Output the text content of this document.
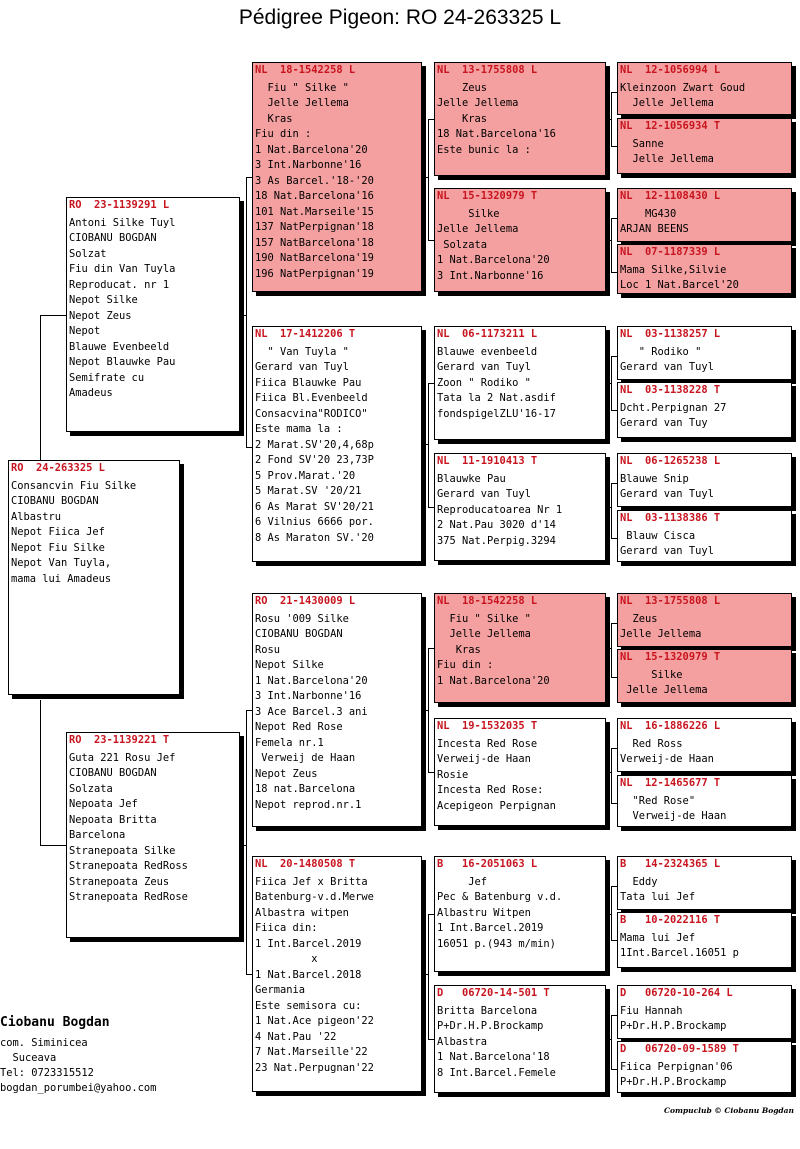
Pédigree Pigeon: RO 24-263325 L
RO  24-263325 L
Consancvin Fiu Silke
CIOBANU BOGDAN
Albastru
Nepot Fiica Jef
Nepot Fiu Silke
Nepot Van Tuyla,
mama lui Amadeus
RO  23-1139291 L
Antoni Silke Tuyl
CIOBANU BOGDAN
Solzat
Fiu din Van Tuyla
Reproducat. nr 1
Nepot Silke
Nepot Zeus
Nepot
Blauwe Evenbeeld
Nepot Blauwke Pau
Semifrate cu
Amadeus
RO  23-1139221 T
Guta 221 Rosu Jef
CIOBANU BOGDAN
Solzata
Nepoata Jef
Nepoata Britta
Barcelona
Stranepoata Silke
Stranepoata RedRoss
Stranepoata Zeus
Stranepoata RedRose
NL  18-1542258 L
Fiu " Silke "
Jelle Jellema
Kras
Fiu din :
1 Nat.Barcelona'20
3 Int.Narbonne'16
3 As Barcel.'18-'20
18 Nat.Barcelona'16
101 Nat.Marseile'15
137 NatPerpignan'18
157 NatBarcelona'18
190 NatBarcelona'19
196 NatPerpignan'19
NL  17-1412206 T
" Van Tuyla "
Gerard van Tuyl
Fiica Blauwke Pau
Fiica Bl.Evenbeeld
Consacvina"RODICO"
Este mama la :
2 Marat.SV'20,4,68p
2 Fond SV'20 23,73P
5 Prov.Marat.'20
5 Marat.SV '20/21
6 As Marat SV'20/21
6 Vilnius 6666 por.
8 As Maraton SV.'20
RO  21-1430009 L
Rosu '009 Silke
CIOBANU BOGDAN
Rosu
Nepot Silke
1 Nat.Barcelona'20
3 Int.Narbonne'16
3 Ace Barcel.3 ani
Nepot Red Rose
Femela nr.1
Verweij de Haan
Nepot Zeus
18 nat.Barcelona
Nepot reprod.nr.1
NL  20-1480508 T
Fiica Jef x Britta
Batenburg-v.d.Merwe
Albastra witpen
Fiica din:
1 Int.Barcel.2019
x
1 Nat.Barcel.2018
Germania
Este semisora cu:
1 Nat.Ace pigeon'22
4 Nat.Pau '22
7 Nat.Marseille'22
23 Nat.Perpugnan'22
NL  13-1755808 L
Zeus
Jelle Jellema
Kras
18 Nat.Barcelona'16
Este bunic la :
NL  15-1320979 T
Silke
Jelle Jellema
Solzata
1 Nat.Barcelona'20
3 Int.Narbonne'16
NL  06-1173211 L
Blauwe evenbeeld
Gerard van Tuyl
Zoon " Rodiko "
Tata la 2 Nat.asdif
fondspigelZLU'16-17
NL  11-1910413 T
Blauwke Pau
Gerard van Tuyl
Reproducatoarea Nr 1
2 Nat.Pau 3020 d'14
375 Nat.Perpig.3294
NL  18-1542258 L
Fiu " Silke "
Jelle Jellema
Kras
Fiu din :
1 Nat.Barcelona'20
NL  19-1532035 T
Incesta Red Rose
Verweij-de Haan
Rosie
Incesta Red Rose:
Acepigeon Perpignan
B   16-2051063 L
Jef
Pec & Batenburg v.d.
Albastru Witpen
1 Int.Barcel.2019
16051 p.(943 m/min)
D   06720-14-501 T
Britta Barcelona
P+Dr.H.P.Brockamp
Albastra
1 Nat.Barcelona'18
8 Int.Barcel.Femele
NL  12-1056994 L
Kleinzoon Zwart Goud
Jelle Jellema
NL  12-1056934 T
Sanne
Jelle Jellema
NL  12-1108430 L
MG430
ARJAN BEENS
NL  07-1187339 L
Mama Silke,Silvie
Loc 1 Nat.Barcel'20
NL  03-1138257 L
" Rodiko "
Gerard van Tuyl
NL  03-1138228 T
Dcht.Perpignan 27
Gerard van Tuy
NL  06-1265238 L
Blauwe Snip
Gerard van Tuyl
NL  03-1138386 T
Blauw Cisca
Gerard van Tuyl
NL  13-1755808 L
Zeus
Jelle Jellema
NL  15-1320979 T
Silke
Jelle Jellema
NL  16-1886226 L
Red Ross
Verweij-de Haan
NL  12-1465677 T
"Red Rose"
Verweij-de Haan
B   14-2324365 L
Eddy
Tata lui Jef
B   10-2022116 T
Mama lui Jef
1Int.Barcel.16051 p
D   06720-10-264 L
Fiu Hannah
P+Dr.H.P.Brockamp
D   06720-09-1589 T
Fiica Perpignan'06
P+Dr.H.P.Brockamp
Ciobanu Bogdan
com. Siminicea
Suceava
Tel: 0723315512
bogdan_porumbei@yahoo.com
Compuclub © Ciobanu Bogdan
